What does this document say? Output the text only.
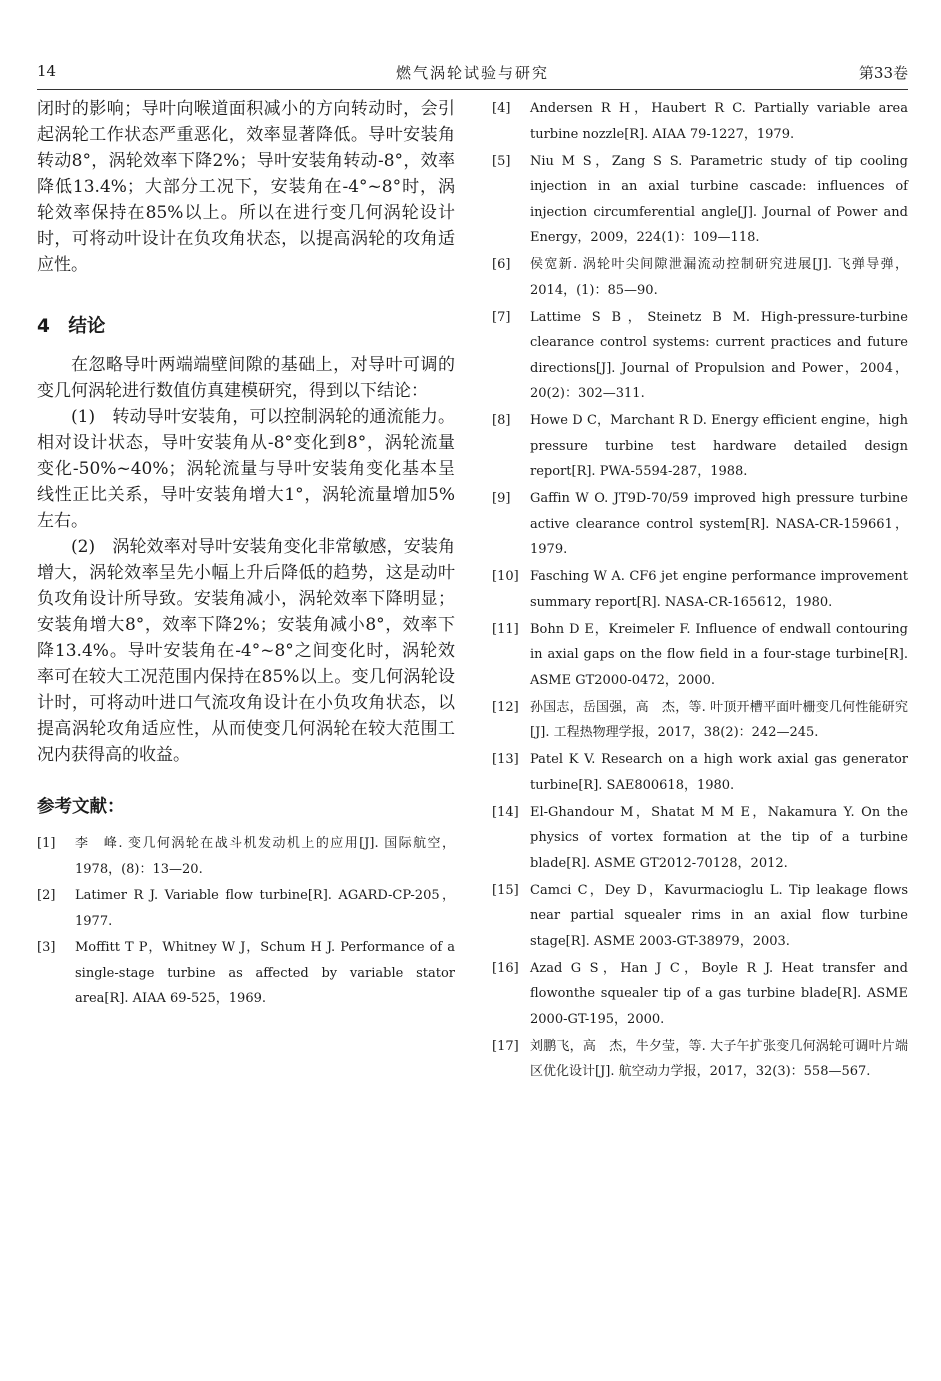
14	燃气涡轮试验与研究	第33卷

闭时的影响；导叶向喉道面积减小的方向转动时，会引起涡轮工作状态严重恶化，效率显著降低。导叶安装角转动8°，涡轮效率下降2%；导叶安装角转动-8°，效率降低13.4%；大部分工况下，安装角在-4°~8°时，涡轮效率保持在85%以上。所以在进行变几何涡轮设计时，可将动叶设计在负攻角状态，以提高涡轮的攻角适应性。

4　结论

在忽略导叶两端端壁间隙的基础上，对导叶可调的变几何涡轮进行数值仿真建模研究，得到以下结论：

(1)　转动导叶安装角，可以控制涡轮的通流能力。相对设计状态，导叶安装角从-8°变化到8°，涡轮流量变化-50%~40%；涡轮流量与导叶安装角变化基本呈线性正比关系，导叶安装角增大1°，涡轮流量增加5%左右。

(2)　涡轮效率对导叶安装角变化非常敏感，安装角增大，涡轮效率呈先小幅上升后降低的趋势，这是动叶负攻角设计所导致。安装角减小，涡轮效率下降明显；安装角增大8°，效率下降2%；安装角减小8°，效率下降13.4%。导叶安装角在-4°~8°之间变化时，涡轮效率可在较大工况范围内保持在85%以上。变几何涡轮设计时，可将动叶进口气流攻角设计在小负攻角状态，以提高涡轮攻角适应性，从而使变几何涡轮在较大范围工况内获得高的收益。

参考文献：

[1] 李　峰. 变几何涡轮在战斗机发动机上的应用[J]. 国际航空，1978，(8)：13—20.

[2] Latimer R J. Variable flow turbine[R]. AGARD-CP-205，1977.

[3] Moffitt T P，Whitney W J，Schum H J. Performance of a single-stage turbine as affected by variable stator area[R]. AIAA 69-525，1969.

[4] Andersen R H，Haubert R C. Partially variable area turbine nozzle[R]. AIAA 79-1227，1979.

[5] Niu M S，Zang S S. Parametric study of tip cooling injection in an axial turbine cascade: influences of injection circumferential angle[J]. Journal of Power and Energy，2009，224(1)：109—118.

[6] 侯宽新. 涡轮叶尖间隙泄漏流动控制研究进展[J]. 飞弹导弹，2014，(1)：85—90.

[7] Lattime S B，Steinetz B M. High-pressure-turbine clearance control systems: current practices and future directions[J]. Journal of Propulsion and Power，2004，20(2)：302—311.

[8] Howe D C，Marchant R D. Energy efficient engine，high pressure turbine test hardware detailed design report[R]. PWA-5594-287，1988.

[9] Gaffin W O. JT9D-70/59 improved high pressure turbine active clearance control system[R]. NASA-CR-159661，1979.

[10] Fasching W A. CF6 jet engine performance improvement summary report[R]. NASA-CR-165612，1980.

[11] Bohn D E，Kreimeler F. Influence of endwall contouring in axial gaps on the flow field in a four-stage turbine[R]. ASME GT2000-0472，2000.

[12] 孙国志，岳国强，高　杰，等. 叶顶开槽平面叶栅变几何性能研究[J]. 工程热物理学报，2017，38(2)：242—245.

[13] Patel K V. Research on a high work axial gas generator turbine[R]. SAE800618，1980.

[14] El-Ghandour M，Shatat M M E，Nakamura Y. On the physics of vortex formation at the tip of a turbine blade[R]. ASME GT2012-70128，2012.

[15] Camci C，Dey D，Kavurmacioglu L. Tip leakage flows near partial squealer rims in an axial flow turbine stage[R]. ASME 2003-GT-38979，2003.

[16] Azad G S，Han J C，Boyle R J. Heat transfer and flowonthe squealer tip of a gas turbine blade[R]. ASME 2000-GT-195，2000.

[17] 刘鹏飞，高　杰，牛夕莹，等. 大子午扩张变几何涡轮可调叶片端区优化设计[J]. 航空动力学报，2017，32(3)：558—567.
